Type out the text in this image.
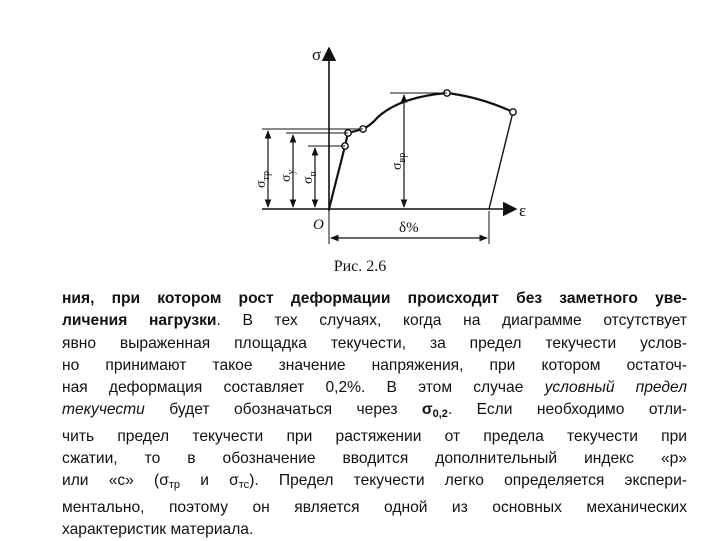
σ
ε
O
$\sigma_{тр}$ $\sigma_у$
$\sigma_п$
$\sigma_{вр}$
δ%
Рис. 2.6
ния, при котором рост деформации происходит без заметного уве-
личения нагрузки. В тех случаях, когда на диаграмме отсутствует
явно выраженная площадка текучести, за предел текучести услов-
но принимают такое значение напряжения, при котором остаточ-
ная деформация составляет 0,2%. В этом случае условный предел
текучести будет обозначаться через $\sigma_{0,2}$. Если необходимо отли-
чить предел текучести при растяжении от предела текучести при
сжатии, то в обозначение вводится дополнительный индекс «р»
или «с» ($\sigma_{тр}$ и $\sigma_{тс}$). Предел текучести легко определяется экспери-
ментально, поэтому он является одной из основных механических
характеристик материала.
